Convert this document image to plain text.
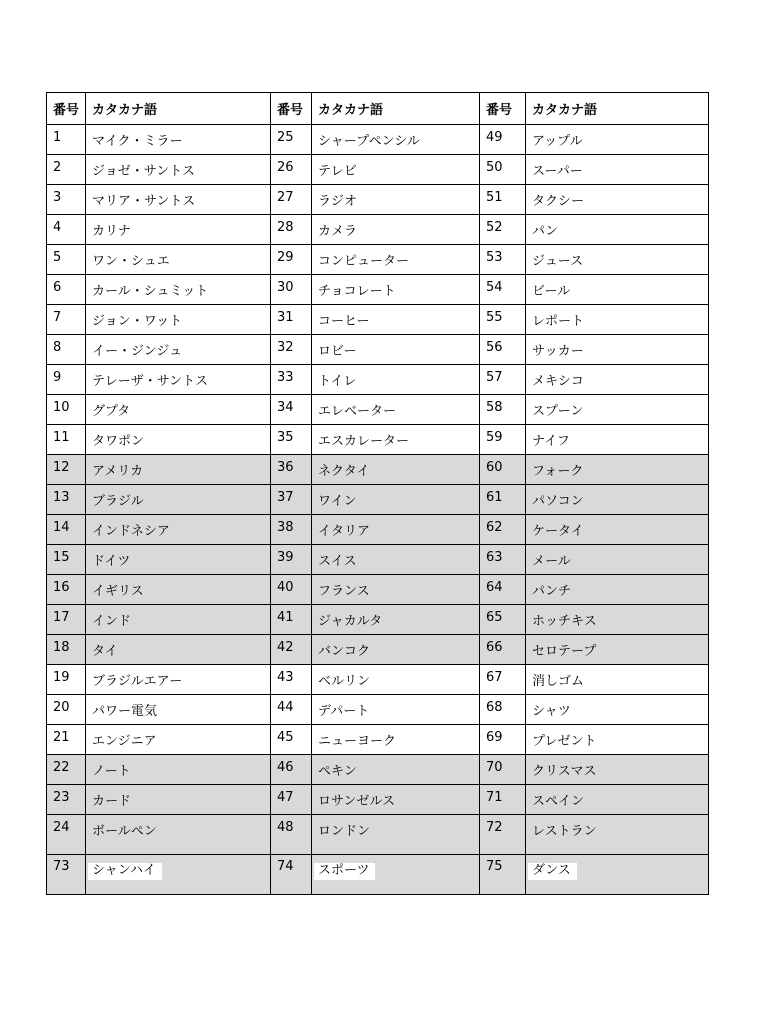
番号	カタカナ語	番号	カタカナ語	番号	カタカナ語
1	マイク・ミラー	25	シャープペンシル	49	アップル
2	ジョゼ・サントス	26	テレビ	50	スーパー
3	マリア・サントス	27	ラジオ	51	タクシー
4	カリナ	28	カメラ	52	パン
5	ワン・シュエ	29	コンピューター	53	ジュース
6	カール・シュミット	30	チョコレート	54	ビール
7	ジョン・ワット	31	コーヒー	55	レポート
8	イー・ジンジュ	32	ロビー	56	サッカー
9	テレーザ・サントス	33	トイレ	57	メキシコ
10	グプタ	34	エレベーター	58	スプーン
11	タワポン	35	エスカレーター	59	ナイフ
12	アメリカ	36	ネクタイ	60	フォーク
13	ブラジル	37	ワイン	61	パソコン
14	インドネシア	38	イタリア	62	ケータイ
15	ドイツ	39	スイス	63	メール
16	イギリス	40	フランス	64	パンチ
17	インド	41	ジャカルタ	65	ホッチキス
18	タイ	42	バンコク	66	セロテープ
19	ブラジルエアー	43	ベルリン	67	消しゴム
20	パワー電気	44	デパート	68	シャツ
21	エンジニア	45	ニューヨーク	69	プレゼント
22	ノート	46	ペキン	70	クリスマス
23	カード	47	ロサンゼルス	71	スペイン
24	ボールペン	48	ロンドン	72	レストラン
73	シャンハイ	74	スポーツ	75	ダンス
